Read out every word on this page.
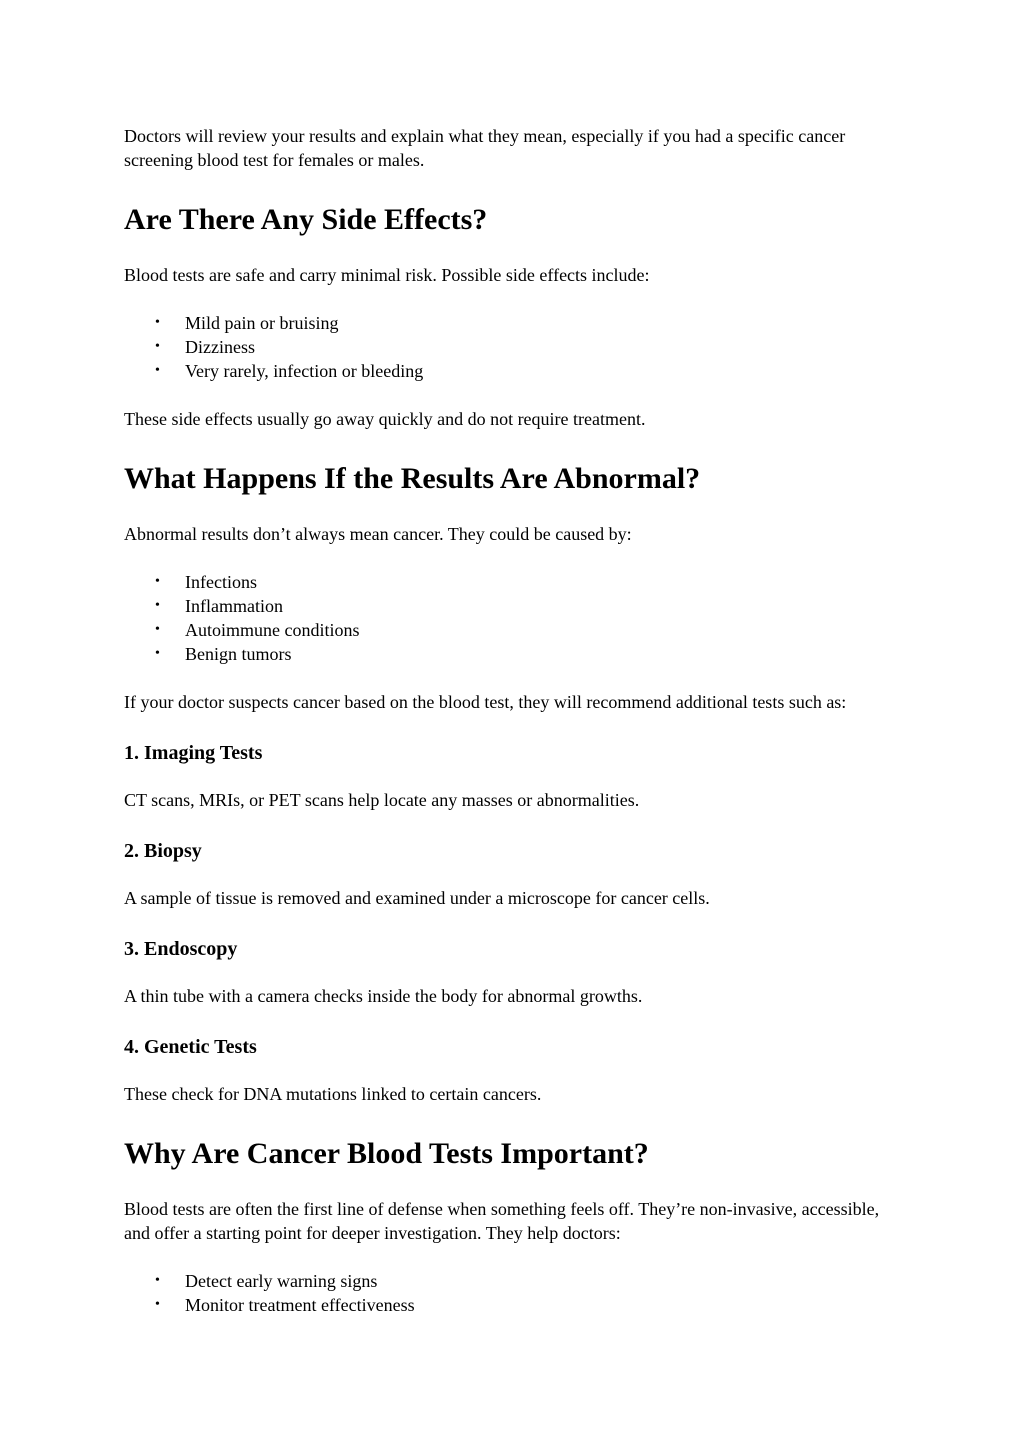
Doctors will review your results and explain what they mean, especially if you had a specific cancer screening blood test for females or males.

Are There Any Side Effects?

Blood tests are safe and carry minimal risk. Possible side effects include:

• Mild pain or bruising
• Dizziness
• Very rarely, infection or bleeding

These side effects usually go away quickly and do not require treatment.

What Happens If the Results Are Abnormal?

Abnormal results don’t always mean cancer. They could be caused by:

• Infections
• Inflammation
• Autoimmune conditions
• Benign tumors

If your doctor suspects cancer based on the blood test, they will recommend additional tests such as:

1. Imaging Tests

CT scans, MRIs, or PET scans help locate any masses or abnormalities.

2. Biopsy

A sample of tissue is removed and examined under a microscope for cancer cells.

3. Endoscopy

A thin tube with a camera checks inside the body for abnormal growths.

4. Genetic Tests

These check for DNA mutations linked to certain cancers.

Why Are Cancer Blood Tests Important?

Blood tests are often the first line of defense when something feels off. They’re non-invasive, accessible, and offer a starting point for deeper investigation. They help doctors:

• Detect early warning signs
• Monitor treatment effectiveness
